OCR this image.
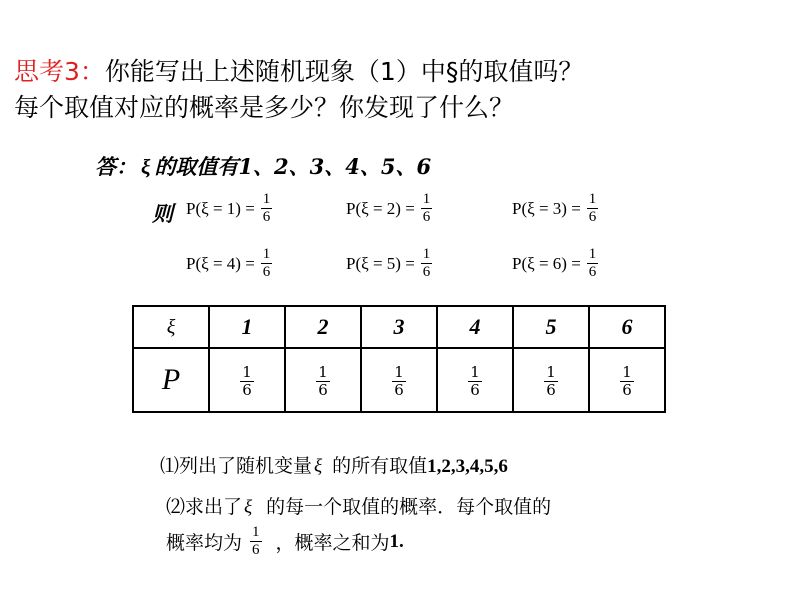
思考3：你能写出上述随机现象（1）中§的取值吗？
每个取值对应的概率是多少？你发现了什么？
答： ξ 的取值有1、2、3、4、5、6
则 $P(\xi = 1) = \frac{1}{6}$	$P(\xi = 2) = \frac{1}{6}$	$P(\xi = 3) = \frac{1}{6}$
$P(\xi = 4) = \frac{1}{6}$	$P(\xi = 5) = \frac{1}{6}$	$P(\xi = 6) = \frac{1}{6}$
ξ	1	2	3	4	5	6
P	$\frac{1}{6}$	$\frac{1}{6}$	$\frac{1}{6}$	$\frac{1}{6}$	$\frac{1}{6}$	$\frac{1}{6}$
⑴列出了随机变量 ξ 的所有取值1,2,3,4,5,6
⑵求出了 ξ 的每一个取值的概率．每个取值的
概率均为 $\frac{1}{6}$ ，概率之和为 1.
